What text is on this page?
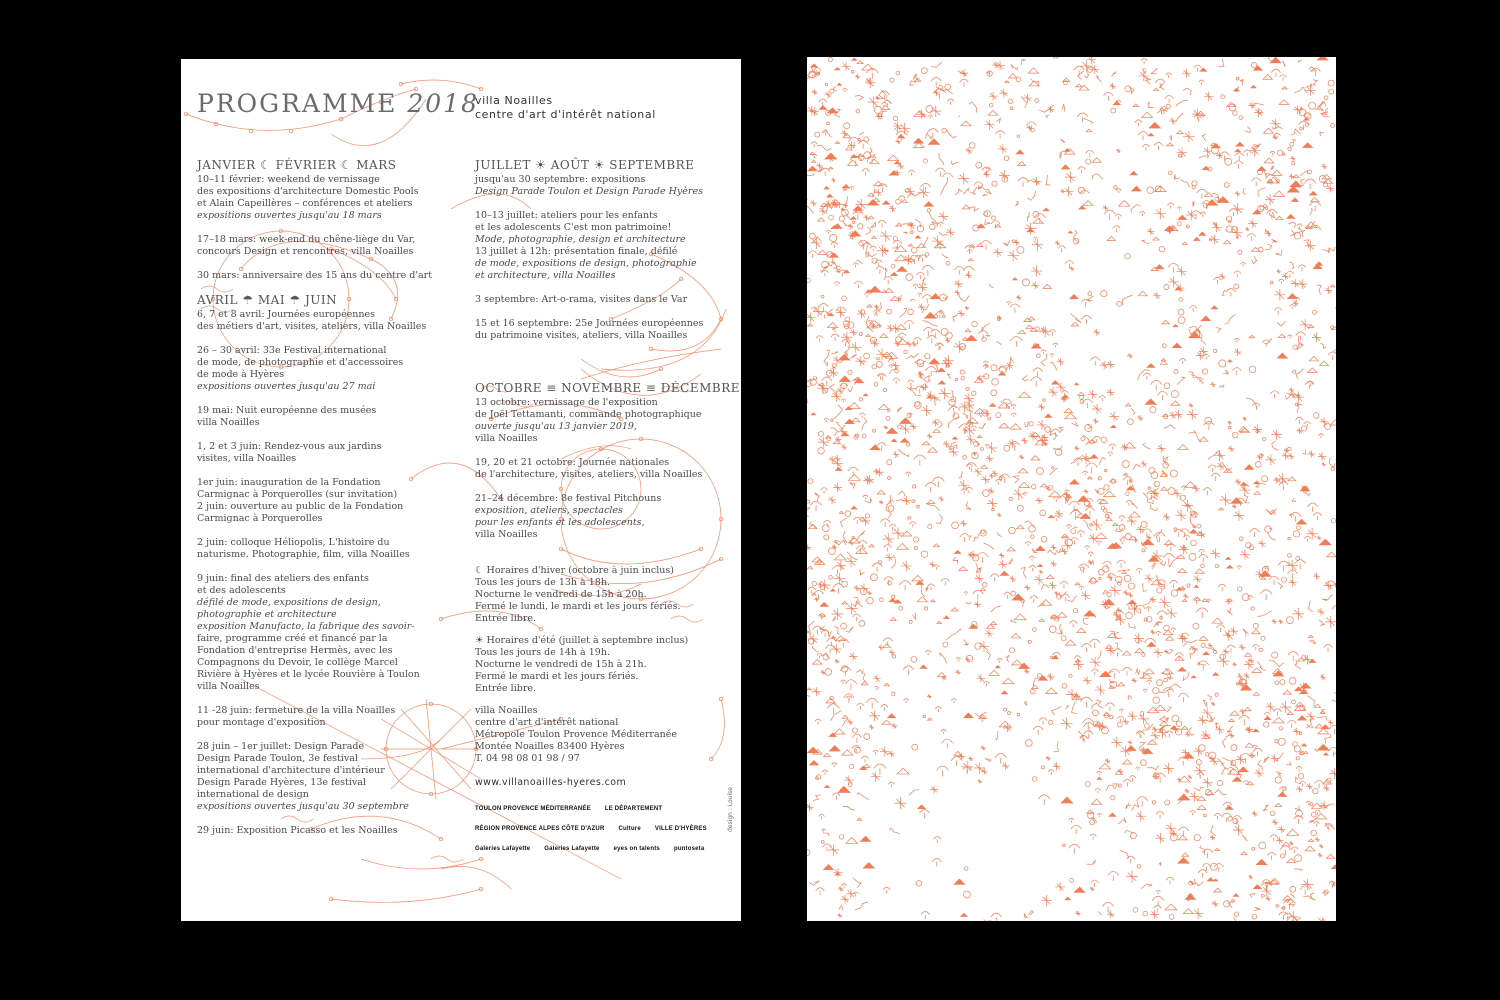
PROGRAMME 2018
villa Noailles
centre d'art d'intérêt national
JANVIER ☾ FÉVRIER ☾ MARS

10–11 février: weekend de vernissage

des expositions d'architecture Domestic Pools

et Alain Capeillères – conférences et ateliers

expositions ouvertes jusqu'au 18 mars

17–18 mars: week-end du chêne-liège du Var,

concours Design et rencontres, villa Noailles

30 mars: anniversaire des 15 ans du centre d'art

AVRIL ☂ MAI ☂ JUIN

6, 7 et 8 avril: Journées européennes

des métiers d'art, visites, ateliers, villa Noailles

26 – 30 avril: 33e Festival international

de mode, de photographie et d'accessoires

de mode à Hyères

expositions ouvertes jusqu'au 27 mai

19 mai: Nuit européenne des musées

villa Noailles

1, 2 et 3 juin: Rendez-vous aux jardins

visites, villa Noailles

1er juin: inauguration de la Fondation

Carmignac à Porquerolles (sur invitation)

2 juin: ouverture au public de la Fondation

Carmignac à Porquerolles

2 juin: colloque Héliopolis, L'histoire du

naturisme. Photographie, film, villa Noailles

9 juin: final des ateliers des enfants

et des adolescents

défilé de mode, expositions de design,

photographie et architecture

exposition Manufacto, la fabrique des savoir-

faire, programme créé et financé par la

Fondation d'entreprise Hermès, avec les

Compagnons du Devoir, le collège Marcel

Rivière à Hyères et le lycée Rouvière à Toulon

villa Noailles

11 -28 juin: fermeture de la villa Noailles

pour montage d'exposition

28 juin – 1er juillet: Design Parade

Design Parade Toulon, 3e festival

international d'architecture d'intérieur

Design Parade Hyères, 13e festival

international de design

expositions ouvertes jusqu'au 30 septembre

29 juin: Exposition Picasso et les Noailles

JUILLET ☀ AOÛT ☀ SEPTEMBRE

jusqu'au 30 septembre: expositions

Design Parade Toulon et Design Parade Hyères

10–13 juillet: ateliers pour les enfants

et les adolescents C'est mon patrimoine!

Mode, photographie, design et architecture

13 juillet à 12h: présentation finale, défilé

de mode, expositions de design, photographie

et architecture, villa Noailles

3 septembre: Art-o-rama, visites dans le Var

15 et 16 septembre: 25e Journées européennes

du patrimoine visites, ateliers, villa Noailles

OCTOBRE ≡ NOVEMBRE ≡ DÉCEMBRE

13 octobre: vernissage de l'exposition

de Joël Tettamanti, commande photographique

ouverte jusqu'au 13 janvier 2019,

villa Noailles

19, 20 et 21 octobre: Journée nationales

de l'architecture, visites, ateliers, villa Noailles

21–24 décembre: 8e festival Pitchouns

exposition, ateliers, spectacles

pour les enfants et les adolescents,

villa Noailles

☾ Horaires d'hiver (octobre à juin inclus)

Tous les jours de 13h à 18h.

Nocturne le vendredi de 15h à 20h.

Fermé le lundi, le mardi et les jours fériés.

Entrée libre.

☀ Horaires d'été (juillet à septembre inclus)

Tous les jours de 14h à 19h.

Nocturne le vendredi de 15h à 21h.

Fermé le mardi et les jours fériés.

Entrée libre.

villa Noailles

centre d'art d'intérêt national

Métropole Toulon Provence Méditerranée

Montée Noailles 83400 Hyères

T. 04 98 08 01 98 / 97

www.villanoailles-hyeres.com
TOULON PROVENCE MÉDITERRANÉE LE DÉPARTEMENT
RÉGION PROVENCE ALPES CÔTE D'AZUR Culture VILLE D'HYÈRES
Galeries Lafayette Galeries Lafayette eyes on talents puntoseta
design : Louise
